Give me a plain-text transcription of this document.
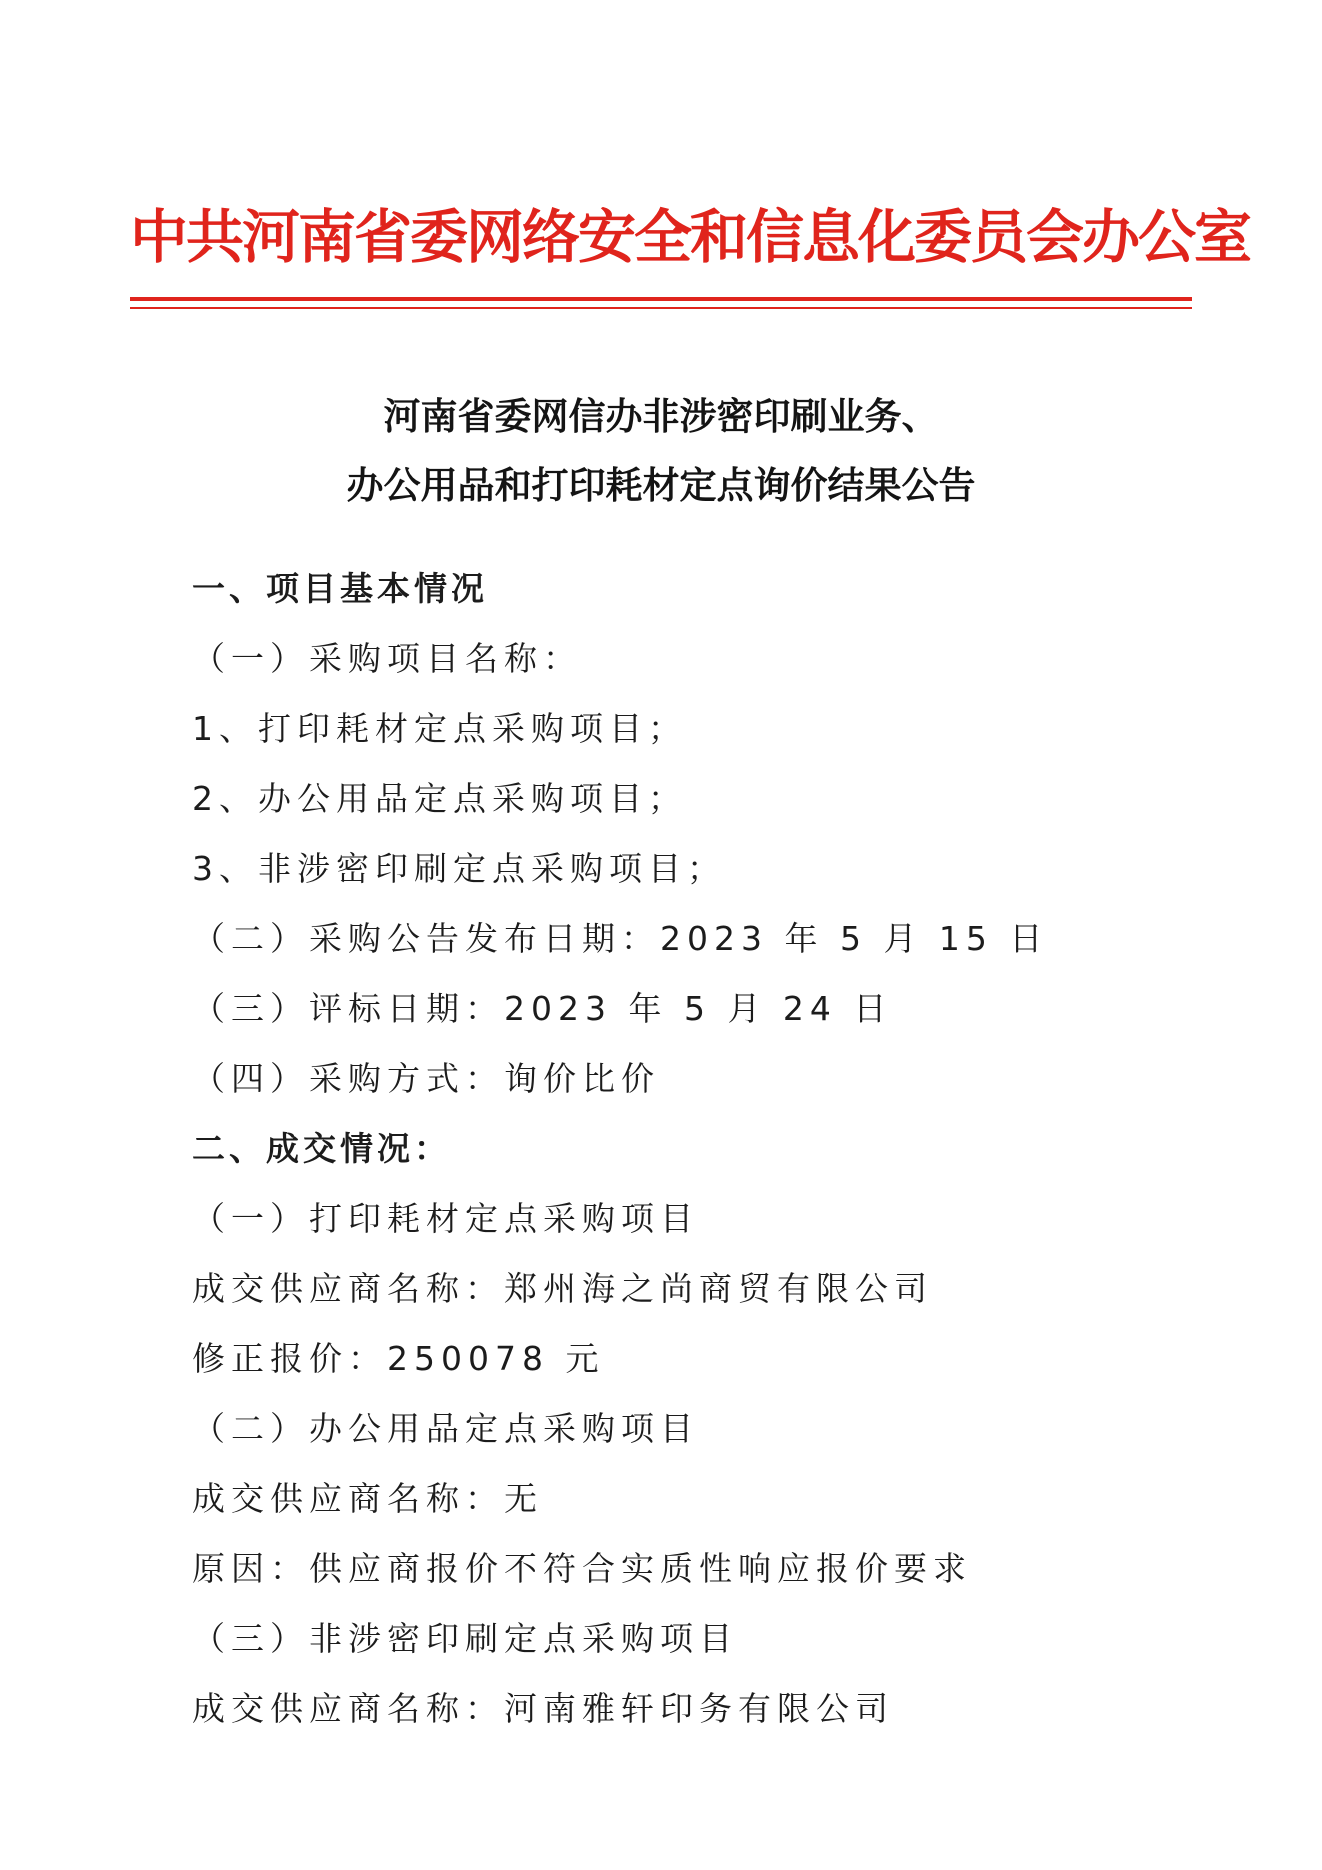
中共河南省委网络安全和信息化委员会办公室
河南省委网信办非涉密印刷业务、
办公用品和打印耗材定点询价结果公告
一、项目基本情况
（一）采购项目名称：
1、打印耗材定点采购项目；
2、办公用品定点采购项目；
3、非涉密印刷定点采购项目；
（二）采购公告发布日期：2023 年 5 月 15 日
（三）评标日期：2023 年 5 月 24 日
（四）采购方式：询价比价
二、成交情况：
（一）打印耗材定点采购项目
成交供应商名称：郑州海之尚商贸有限公司
修正报价：250078 元
（二）办公用品定点采购项目
成交供应商名称：无
原因：供应商报价不符合实质性响应报价要求
（三）非涉密印刷定点采购项目
成交供应商名称：河南雅轩印务有限公司
